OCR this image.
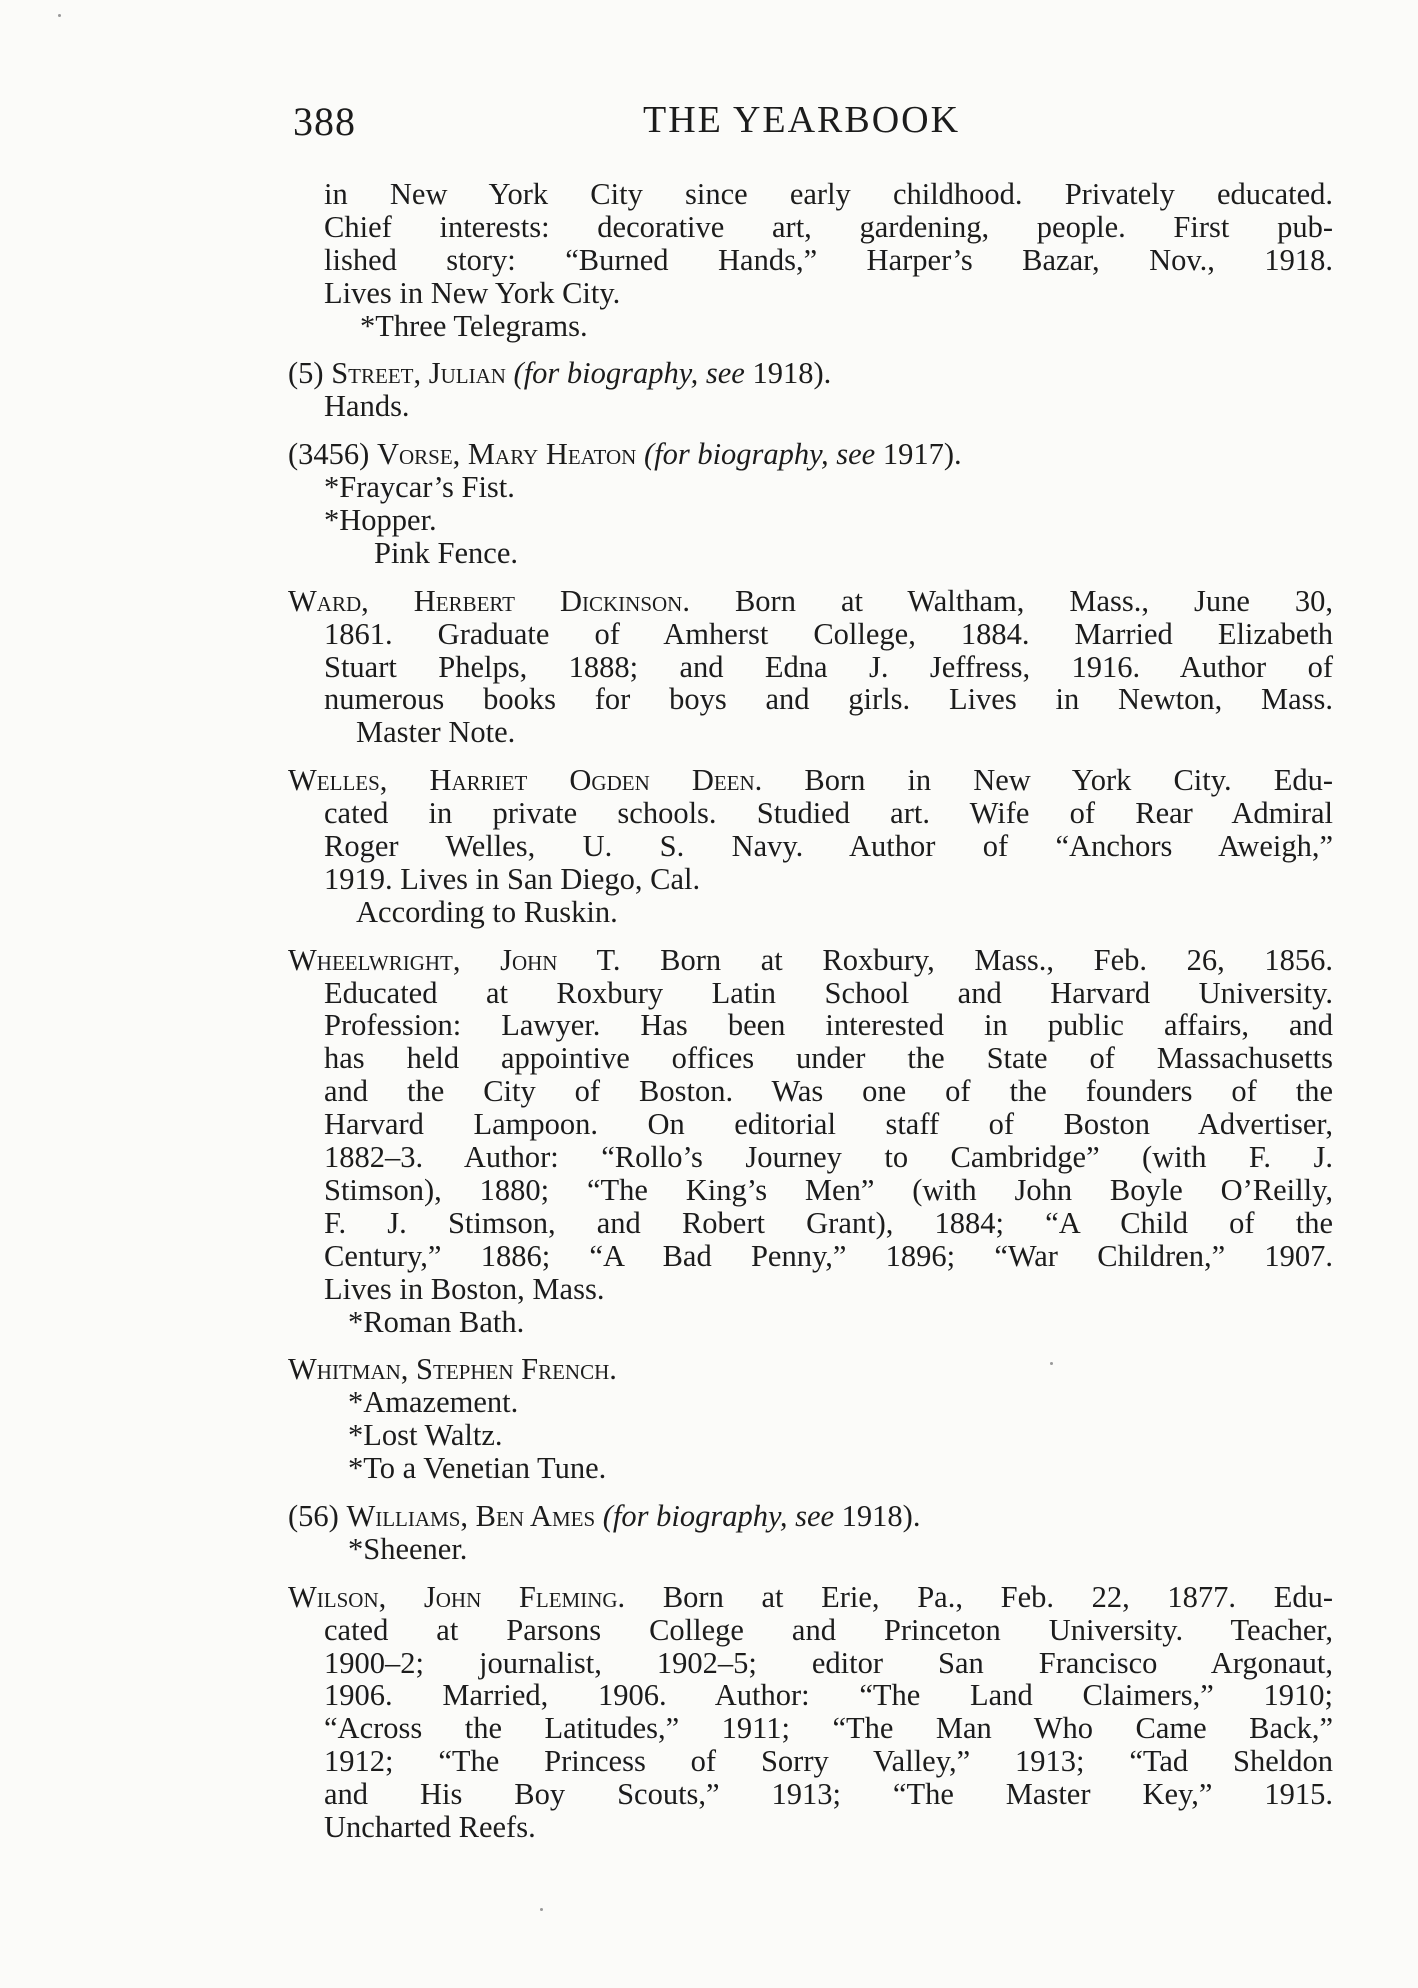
388	THE YEARBOOK
in New York City since early childhood. Privately educated.
Chief interests: decorative art, gardening, people. First pub-
lished story: “Burned Hands,” Harper’s Bazar, Nov., 1918.
Lives in New York City.
*Three Telegrams.
(5) Street, Julian (for biography, see 1918).
Hands.
(3456) Vorse, Mary Heaton (for biography, see 1917).
*Fraycar’s Fist.
*Hopper.
Pink Fence.
Ward, Herbert Dickinson. Born at Waltham, Mass., June 30,
1861. Graduate of Amherst College, 1884. Married Elizabeth
Stuart Phelps, 1888; and Edna J. Jeffress, 1916. Author of
numerous books for boys and girls. Lives in Newton, Mass.
Master Note.
Welles, Harriet Ogden Deen. Born in New York City. Edu-
cated in private schools. Studied art. Wife of Rear Admiral
Roger Welles, U. S. Navy. Author of “Anchors Aweigh,”
1919. Lives in San Diego, Cal.
According to Ruskin.
Wheelwright, John T. Born at Roxbury, Mass., Feb. 26, 1856.
Educated at Roxbury Latin School and Harvard University.
Profession: Lawyer. Has been interested in public affairs, and
has held appointive offices under the State of Massachusetts
and the City of Boston. Was one of the founders of the
Harvard Lampoon. On editorial staff of Boston Advertiser,
1882–3. Author: “Rollo’s Journey to Cambridge” (with F. J.
Stimson), 1880; “The King’s Men” (with John Boyle O’Reilly,
F. J. Stimson, and Robert Grant), 1884; “A Child of the
Century,” 1886; “A Bad Penny,” 1896; “War Children,” 1907.
Lives in Boston, Mass.
*Roman Bath.
Whitman, Stephen French.
*Amazement.
*Lost Waltz.
*To a Venetian Tune.
(56) Williams, Ben Ames (for biography, see 1918).
*Sheener.
Wilson, John Fleming. Born at Erie, Pa., Feb. 22, 1877. Edu-
cated at Parsons College and Princeton University. Teacher,
1900–2; journalist, 1902–5; editor San Francisco Argonaut,
1906. Married, 1906. Author: “The Land Claimers,” 1910;
“Across the Latitudes,” 1911; “The Man Who Came Back,”
1912; “The Princess of Sorry Valley,” 1913; “Tad Sheldon
and His Boy Scouts,” 1913; “The Master Key,” 1915.
Uncharted Reefs.
